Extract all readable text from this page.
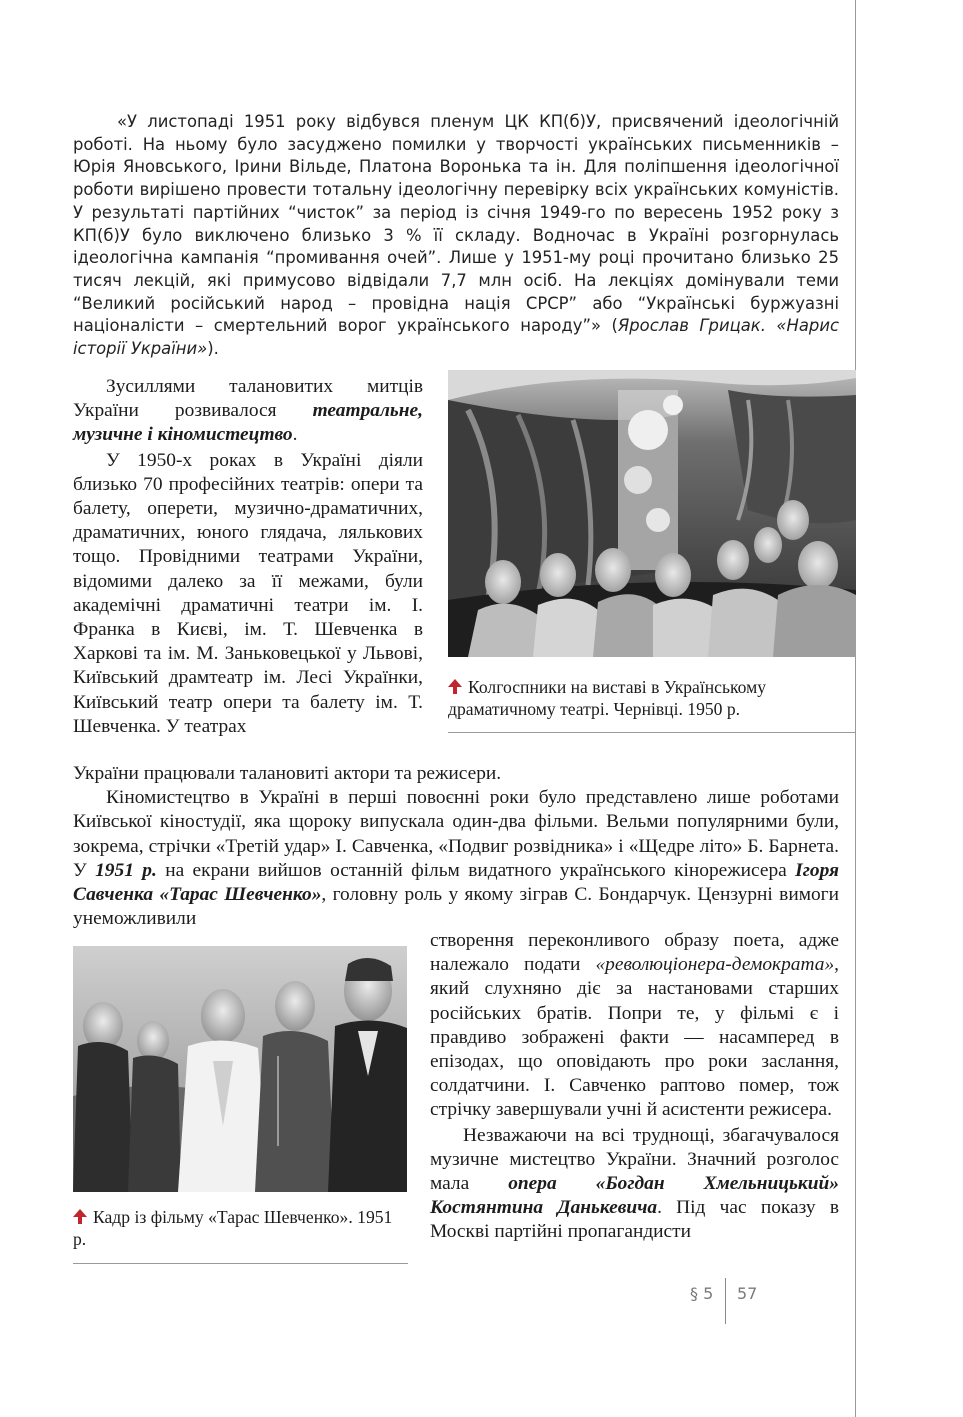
«У листопаді 1951 року відбувся пленум ЦК КП(б)У, присвячений ідеологічній роботі. На ньому було засуджено помилки у творчості українських письменників – Юрія Яновського, Ірини Вільде, Платона Воронька та ін. Для поліпшення ідеологічної роботи вирішено провести тотальну ідеологічну перевірку всіх українських комуністів. У результаті партійних “чисток” за період із січня 1949-го по вересень 1952 року з КП(б)У було виключено близько 3 % її складу. Водночас в Україні розгорнулась ідеологічна кампанія “промивання очей”. Лише у 1951-му році прочитано близько 25 тисяч лекцій, які примусово відвідали 7,7 млн осіб. На лекціях домінували теми “Великий російський народ – провідна нація СРСР” або “Українські буржуазні націоналісти – смертельний ворог українського народу”» (Ярослав Грицак. «Нарис історії України»).

Зусиллями талановитих митців України розвивалося театральне, музичне і кіномистецтво.

У 1950-х роках в Україні діяли близько 70 професійних театрів: опери та балету, оперети, музично-драматичних, драматичних, юного глядача, лялькових тощо. Провідними театрами України, відомими далеко за її межами, були академічні драматичні театри ім. І. Франка в Києві, ім. Т. Шевченка в Харкові та ім. М. Заньковецької у Львові, Київський драмтеатр ім. Лесі Українки, Київський театр опери та балету ім. Т. Шевченка. У театрах

Колгоспники на виставі в Українському драматичному театрі. Чернівці. 1950 р.

України працювали талановиті актори та режисери.

Кіномистецтво в Україні в перші повоєнні роки було представлено лише роботами Київської кіностудії, яка щороку випускала один-два фільми. Вельми популярними були, зокрема, стрічки «Третій удар» І. Савченка, «Подвиг розвідника» і «Щедре літо» Б. Барнета. У 1951 р. на екрани вийшов останній фільм видатного українського кінорежисера Ігоря Савченка «Тарас Шевченко», головну роль у якому зіграв С. Бондарчук. Цензурні вимоги унеможливили

Кадр із фільму «Тарас Шевченко». 1951 р.

створення переконливого образу поета, адже належало подати «революціонера-демократа», який слухняно діє за настановами старших російських братів. Попри те, у фільмі є і правдиво зображені факти — насамперед в епізодах, що оповідають про роки заслання, солдатчини. І. Савченко раптово помер, тож стрічку завершували учні й асистенти режисера.

Незважаючи на всі труднощі, збагачувалося музичне мистецтво України. Значний розголос мала опера «Богдан Хмельницький» Костянтина Данькевича. Під час показу в Москві партійні пропагандисти

§ 5 57
